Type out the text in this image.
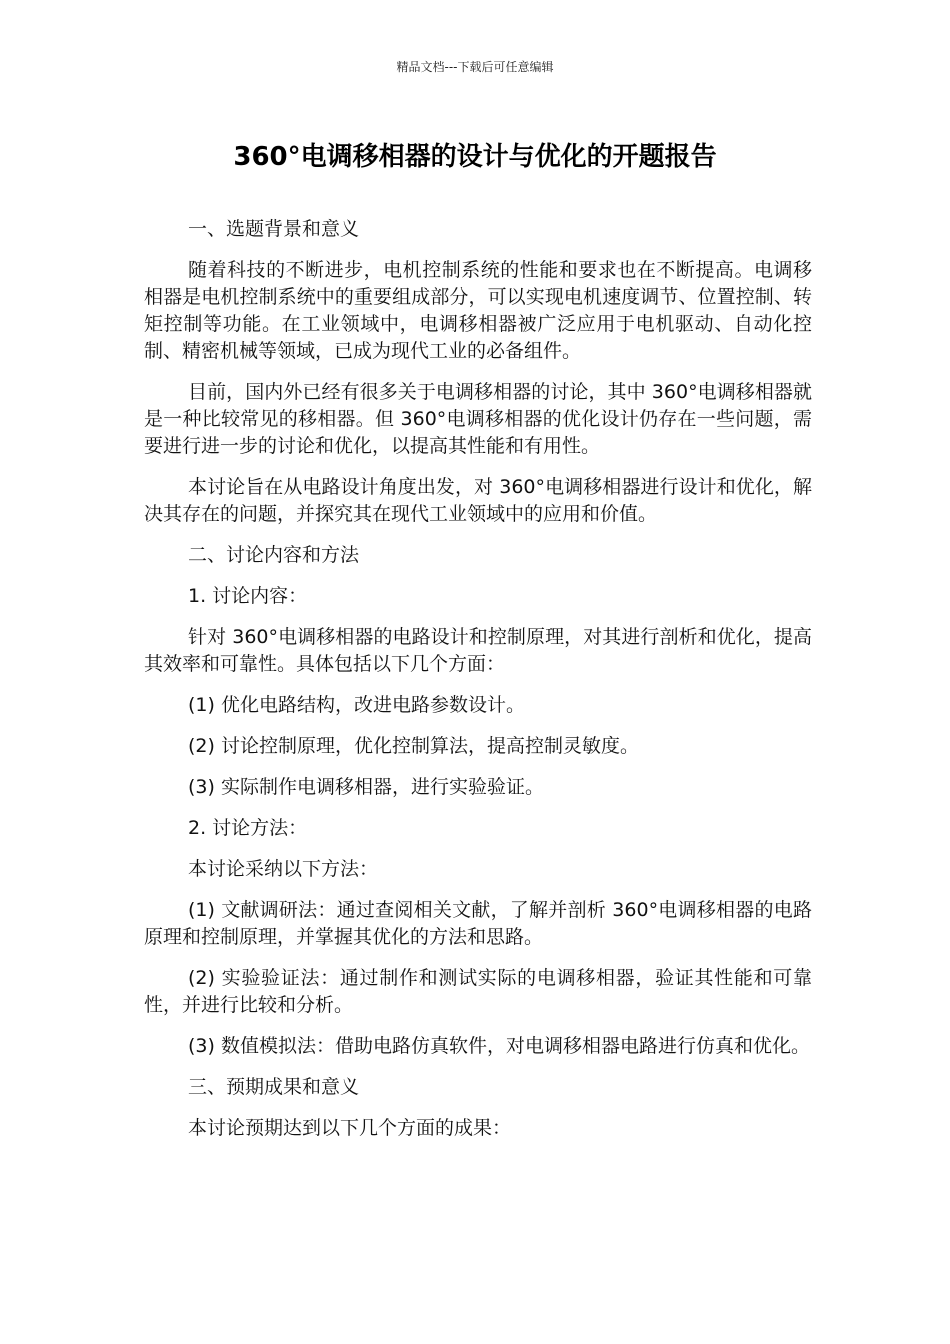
精品文档---下载后可任意编辑
360°电调移相器的设计与优化的开题报告

一、选题背景和意义

随着科技的不断进步，电机控制系统的性能和要求也在不断提高。电调移相器是电机控制系统中的重要组成部分，可以实现电机速度调节、位置控制、转矩控制等功能。在工业领域中，电调移相器被广泛应用于电机驱动、自动化控制、精密机械等领域，已成为现代工业的必备组件。

目前，国内外已经有很多关于电调移相器的讨论，其中 360°电调移相器就是一种比较常见的移相器。但 360°电调移相器的优化设计仍存在一些问题，需要进行进一步的讨论和优化，以提高其性能和有用性。

本讨论旨在从电路设计角度出发，对 360°电调移相器进行设计和优化，解决其存在的问题，并探究其在现代工业领域中的应用和价值。

二、讨论内容和方法

1. 讨论内容：

针对 360°电调移相器的电路设计和控制原理，对其进行剖析和优化，提高其效率和可靠性。具体包括以下几个方面：

(1) 优化电路结构，改进电路参数设计。

(2) 讨论控制原理，优化控制算法，提高控制灵敏度。

(3) 实际制作电调移相器，进行实验验证。

2. 讨论方法：

本讨论采纳以下方法：

(1) 文献调研法：通过查阅相关文献，了解并剖析 360°电调移相器的电路原理和控制原理，并掌握其优化的方法和思路。

(2) 实验验证法：通过制作和测试实际的电调移相器，验证其性能和可靠性，并进行比较和分析。

(3) 数值模拟法：借助电路仿真软件，对电调移相器电路进行仿真和优化。

三、预期成果和意义

本讨论预期达到以下几个方面的成果：
